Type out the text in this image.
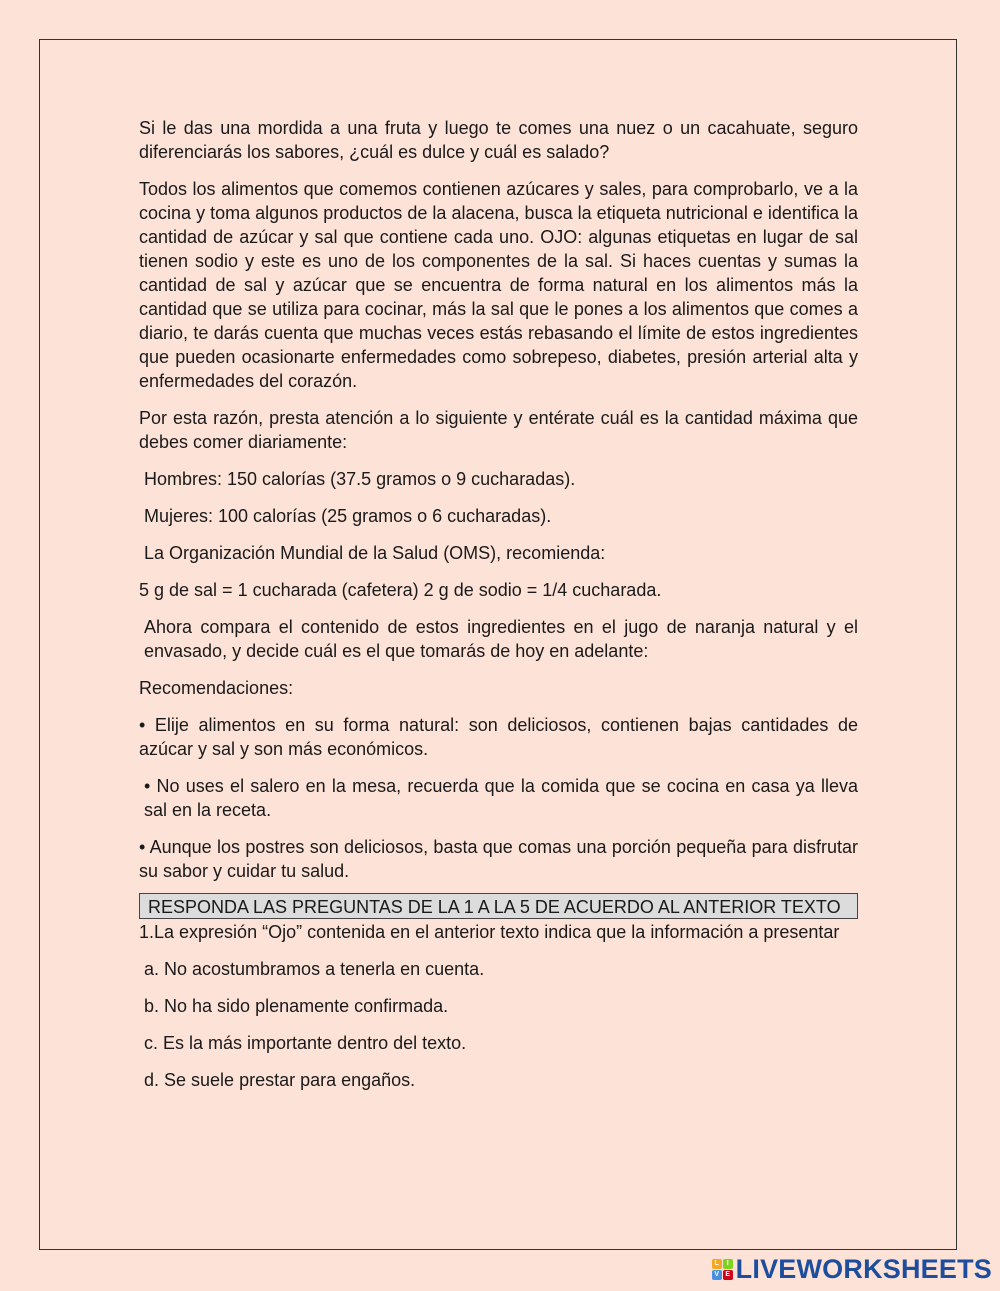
Si le das una mordida a una fruta y luego te comes una nuez o un cacahuate, seguro diferenciarás los sabores, ¿cuál es dulce y cuál es salado?

Todos los alimentos que comemos contienen azúcares y sales, para comprobarlo, ve a la cocina y toma algunos productos de la alacena, busca la etiqueta nutricional e identifica la cantidad de azúcar y sal que contiene cada uno. OJO: algunas etiquetas en lugar de sal tienen sodio y este es uno de los componentes de la sal. Si haces cuentas y sumas la cantidad de sal y azúcar que se encuentra de forma natural en los alimentos más la cantidad que se utiliza para cocinar, más la sal que le pones a los alimentos que comes a diario, te darás cuenta que muchas veces estás rebasando el límite de estos ingredientes que pueden ocasionarte enfermedades como sobrepeso, diabetes, presión arterial alta y enfermedades del corazón.

Por esta razón, presta atención a lo siguiente y entérate cuál es la cantidad máxima que debes comer diariamente:

Hombres: 150 calorías (37.5 gramos o 9 cucharadas).

Mujeres: 100 calorías (25 gramos o 6 cucharadas).

La Organización Mundial de la Salud (OMS), recomienda:

5 g de sal = 1 cucharada (cafetera) 2 g de sodio = 1/4 cucharada.

Ahora compara el contenido de estos ingredientes en el jugo de naranja natural y el envasado, y decide cuál es el que tomarás de hoy en adelante:

Recomendaciones:

• Elije alimentos en su forma natural: son deliciosos, contienen bajas cantidades de azúcar y sal y son más económicos.

• No uses el salero en la mesa, recuerda que la comida que se cocina en casa ya lleva sal en la receta.

• Aunque los postres son deliciosos, basta que comas una porción pequeña para disfrutar su sabor y cuidar tu salud.

RESPONDA LAS PREGUNTAS DE LA 1 A LA 5 DE ACUERDO AL ANTERIOR TEXTO

1.La expresión “Ojo” contenida en el anterior texto indica que la información a presentar

a. No acostumbramos a tenerla en cuenta.

b. No ha sido plenamente confirmada.

c. Es la más importante dentro del texto.

d. Se suele prestar para engaños.

L	I
V E LIVEWORKSHEETS
